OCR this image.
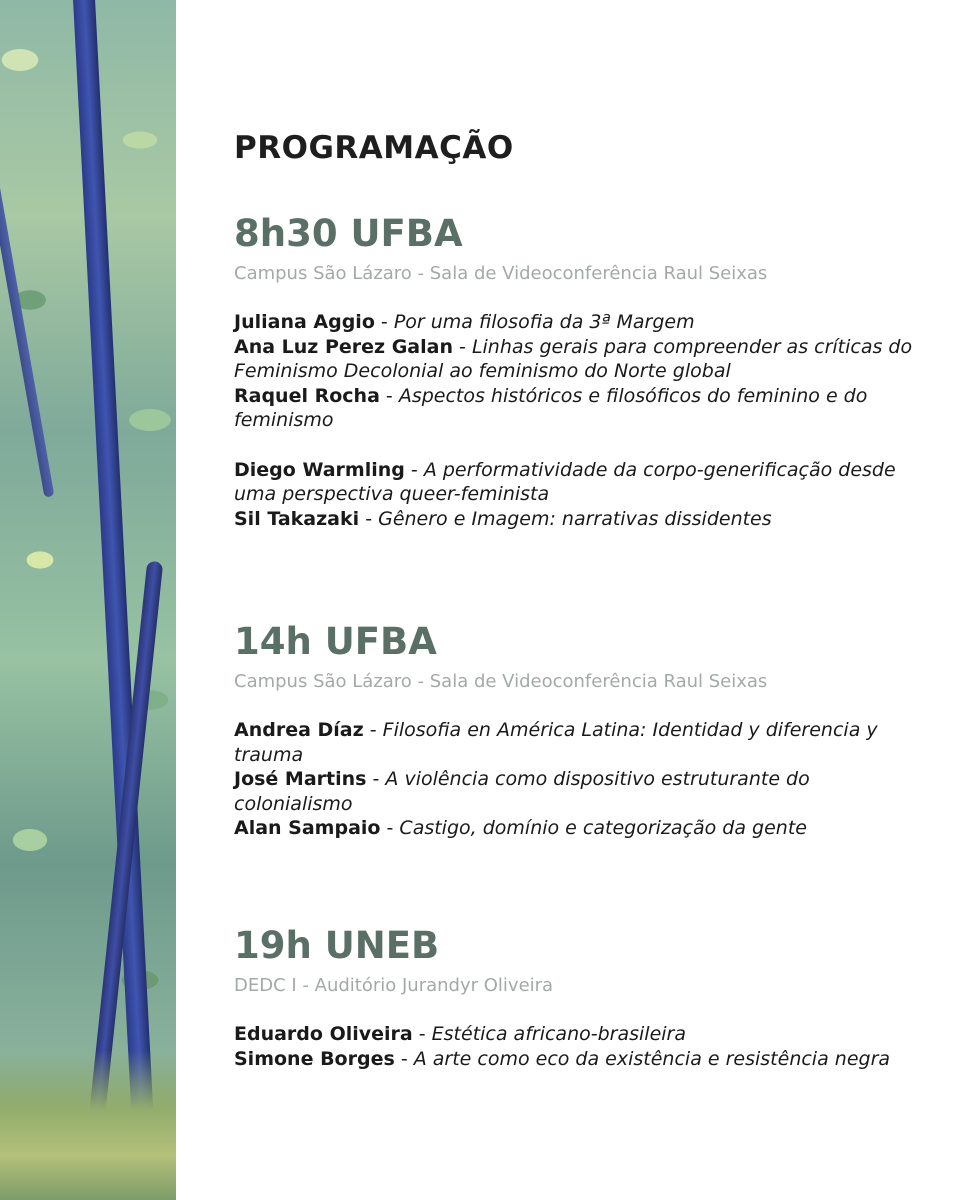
PROGRAMAÇÃO
8h30 UFBA
Campus São Lázaro - Sala de Videoconferência Raul Seixas
Juliana Aggio - Por uma filosofia da 3ª Margem
Ana Luz Perez Galan - Linhas gerais para compreender as críticas do Feminismo Decolonial ao feminismo do Norte global
Raquel Rocha - Aspectos históricos e filosóficos do feminino e do feminismo
Diego Warmling - A performatividade da corpo-generificação desde uma perspectiva queer-feminista
Sil Takazaki - Gênero e Imagem: narrativas dissidentes
14h UFBA
Campus São Lázaro - Sala de Videoconferência Raul Seixas
Andrea Díaz - Filosofia en América Latina: Identidad y diferencia y trauma
José Martins - A violência como dispositivo estruturante do colonialismo
Alan Sampaio - Castigo, domínio e categorização da gente
19h UNEB
DEDC I - Auditório Jurandyr Oliveira
Eduardo Oliveira - Estética africano-brasileira
Simone Borges - A arte como eco da existência e resistência negra
